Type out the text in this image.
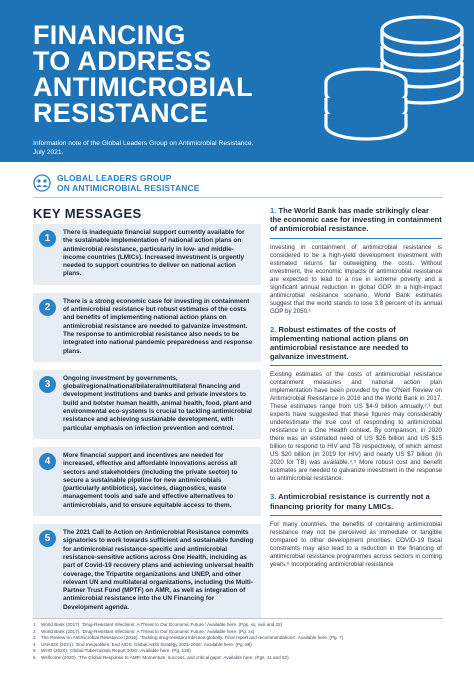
FINANCING
TO ADDRESS
ANTIMICROBIAL
RESISTANCE
Information note of the Global Leaders Group on Antimicrobial Resistance.
July 2021.
GLOBAL LEADERS GROUP
ON ANTIMICROBIAL RESISTANCE
KEY MESSAGES
1
There is inadequate financial support currently available for the sustainable implementation of national action plans on antimicrobial resistance, particularly in low- and middle-income countries (LMICs). Increased investment is urgently needed to support countries to deliver on national action plans.
2
There is a strong economic case for investing in containment of antimicrobial resistance but robust estimates of the costs and benefits of implementing national action plans on antimicrobial resistance are needed to galvanize investment. The response to antimicrobial resistance also needs to be integrated into national pandemic preparedness and response plans.
3
Ongoing investment by governments, global/regional/national/bilateral/multilateral financing and development institutions and banks and private investors to build and bolster human health, animal health, food, plant and environmental eco-systems is crucial to tackling antimicrobial resistance and achieving sustainable development, with particular emphasis on infection prevention and control.
4
More financial support and incentives are needed for increased, effective and affordable innovations across all sectors and stakeholders (including the private sector) to secure a sustainable pipeline for new antimicrobials (particularly antibiotics), vaccines, diagnostics, waste management tools and safe and effective alternatives to antimicrobials, and to ensure equitable access to them.
5
The 2021 Call to Action on Antimicrobial Resistance commits signatories to work towards sufficient and sustainable funding for antimicrobial resistance-specific and antimicrobial resistance-sensitive actions across One Health, including as part of Covid-19 recovery plans and achieving universal health coverage, the Tripartite organizations and UNEP, and other relevant UN and multilateral organizations, including the Multi-Partner Trust Fund (MPTF) on AMR, as well as integration of antimicrobial resistance into the UN Financing for Development agenda.
1. The World Bank has made strikingly clear the economic case for investing in containment of antimicrobial resistance.
Investing in containment of antimicrobial resistance is considered to be a high-yield development investment with estimated returns far outweighing the costs. Without investment, the economic impacts of antimicrobial resistance are expected to lead to a rise in extreme poverty and a significant annual reduction in global GDP. In a high-impact antimicrobial resistance scenario, World Bank estimates suggest that the world stands to lose 3.8 percent of its annual GDP by 2050.¹
2. Robust estimates of the costs of implementing national action plans on antimicrobial resistance are needed to galvanize investment.
Existing estimates of the costs of antimicrobial resistance containment measures and national action plan implementation have been provided by the O'Neill Review on Antimicrobial Resistance in 2016 and the World Bank in 2017. These estimates range from US $4-9 billion annually,²,³ but experts have suggested that these figures may considerably underestimate the true cost of responding to antimicrobial resistance in a One Health context. By comparison, in 2020 there was an estimated need of US $26 billion and US $15 billion to respond to HIV and TB respectively, of which almost US $20 billion (in 2019 for HIV) and nearly US $7 billion (in 2020 for TB) was available.⁴,⁵ More robust cost and benefit estimates are needed to galvanize investment in the response to antimicrobial resistance.
3. Antimicrobial resistance is currently not a financing priority for many LMICs.
For many countries, the benefits of containing antimicrobial resistance may not be perceived as immediate or tangible compared to other development priorities. COVID-19 fiscal constraints may also lead to a reduction in the financing of antimicrobial resistance programmes across sectors in coming years.⁶ Incorporating antimicrobial resistance
1 World Bank (2017). 'Drug-Resistant Infections: A Threat to Our Economic Future.' Available here. (Pgs. xx, xviii and 22)
2 World Bank (2017). 'Drug-Resistant Infections: A Threat to Our Economic Future.' Available here. (Pg. xx)
3 The Review on Antimicrobial Resistance (2016). 'Tackling drug-resistant infection globally: Final report and recommendations'. Available here. (Pg. 7)
4 UNAIDS (2021). 'End Inequalities. End AIDS. Global AIDS Strategy 2021-2026'. Available here. (Pg. 88)
5 WHO (2020). 'Global Tuberculosis Report 2020'. Available here. (Pg. 129)
6 Wellcome (2020). 'The Global Response to AMR: Momentum, success, and critical gaps'. Available here. (Pgs. 11 and 52)
